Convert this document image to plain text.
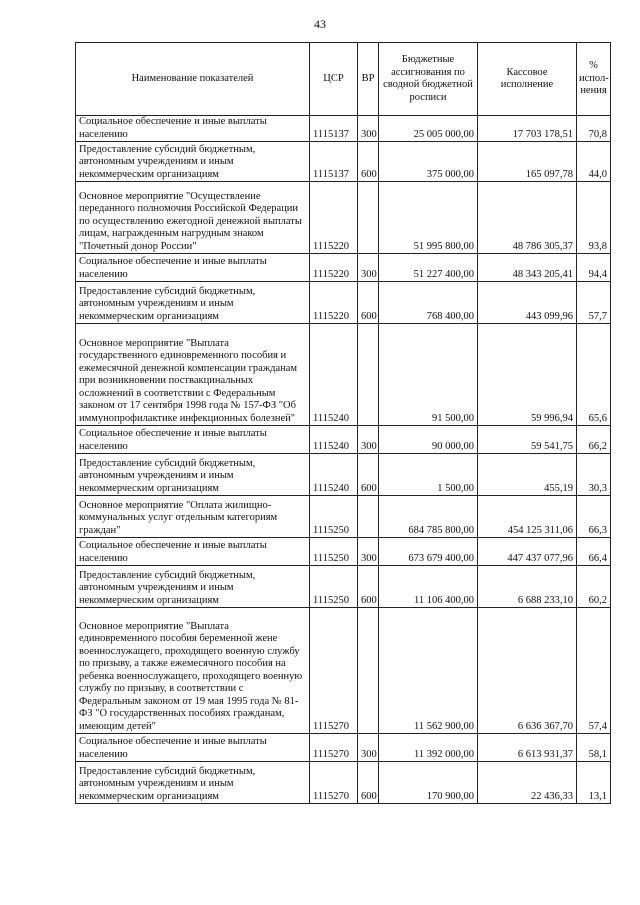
43
Наименование показателей	ЦСР	ВР	Бюджетные ассигнования по сводной бюджетной росписи	Кассовое исполнение	% испол- нения
Социальное обеспечение и иные выплаты населению	1115137	300	25 005 000,00	17 703 178,51	70,8
Предоставление субсидий бюджетным, автономным учреждениям и иным некоммерческим организациям	1115137	600	375 000,00	165 097,78	44,0
Основное мероприятие "Осуществление переданного полномочия Российской Федерации по осуществлению ежегодной денежной выплаты лицам, награжденным нагрудным знаком "Почетный донор России"	1115220		51 995 800,00	48 786 305,37	93,8
Социальное обеспечение и иные выплаты населению	1115220	300	51 227 400,00	48 343 205,41	94,4
Предоставление субсидий бюджетным, автономным учреждениям и иным некоммерческим организациям	1115220	600	768 400,00	443 099,96	57,7
Основное мероприятие "Выплата государственного единовременного пособия и ежемесячной денежной компенсации гражданам при возникновении поствакцинальных осложнений в соответствии с Федеральным законом от 17 сентября 1998 года № 157-ФЗ "Об иммунопрофилактике инфекционных болезней"	1115240		91 500,00	59 996,94	65,6
Социальное обеспечение и иные выплаты населению	1115240	300	90 000,00	59 541,75	66,2
Предоставление субсидий бюджетным, автономным учреждениям и иным некоммерческим организациям	1115240	600	1 500,00	455,19	30,3
Основное мероприятие "Оплата жилищно-коммунальных услуг отдельным категориям граждан"	1115250		684 785 800,00	454 125 311,06	66,3
Социальное обеспечение и иные выплаты населению	1115250	300	673 679 400,00	447 437 077,96	66,4
Предоставление субсидий бюджетным, автономным учреждениям и иным некоммерческим организациям	1115250	600	11 106 400,00	6 688 233,10	60,2
Основное мероприятие "Выплата единовременного пособия беременной жене военнослужащего, проходящего военную службу по призыву, а также ежемесячного пособия на ребенка военнослужащего, проходящего военную службу по призыву, в соответствии с Федеральным законом от 19 мая 1995 года № 81-ФЗ "О государственных пособиях гражданам, имеющим детей"	1115270		11 562 900,00	6 636 367,70	57,4
Социальное обеспечение и иные выплаты населению	1115270	300	11 392 000,00	6 613 931,37	58,1
Предоставление субсидий бюджетным, автономным учреждениям и иным некоммерческим организациям	1115270	600	170 900,00	22 436,33	13,1
